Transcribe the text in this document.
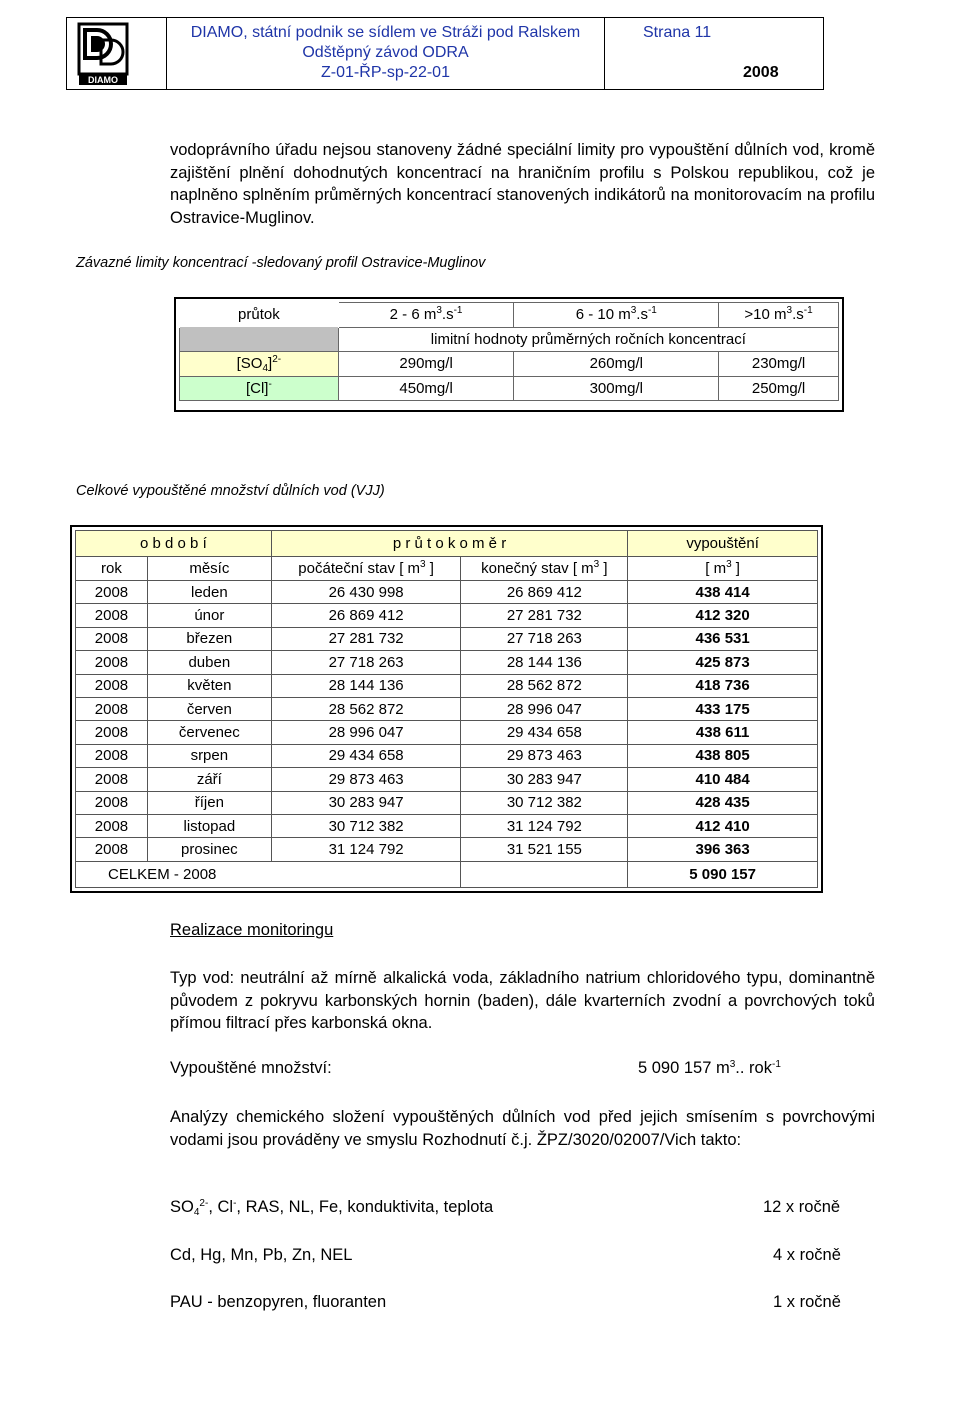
DIAMO
DIAMO, státní podnik se sídlem ve Stráži pod Ralskem
Odštěpný závod ODRA
Z-01-ŘP-sp-22-01
Strana 11
2008
vodoprávního úřadu nejsou stanoveny žádné speciální limity pro vypouštění důlních vod, kromě zajištění plnění dohodnutých koncentrací na hraničním profilu s Polskou republikou, což je naplněno splněním průměrných koncentrací stanovených indikátorů na monitorovacím na profilu Ostravice-Muglinov.
Závazné limity koncentrací -sledovaný profil Ostravice-Muglinov
průtok	2 - 6 $m^3.s^{-1}$	6 - 10 $m^3.s^{-1}$	>10 $m^3.s^{-1}$
	limitní hodnoty průměrných ročních koncentrací		
$[SO_4]^{2-}$	290mg/l	260mg/l	230mg/l
[Cl]-	450mg/l	300mg/l	250mg/l
Celkové vypouštěné množství důlních vod (VJJ)
o b d o b í		p r ů t o k o m ě r		vypouštění
rok	měsíc	počáteční stav [ $m^3$ ]	konečný stav [ $m^3$ ]	[ $m^3$ ]
2008	leden	26 430 998	26 869 412	438 414
2008	únor	26 869 412	27 281 732	412 320
2008	březen	27 281 732	27 718 263	436 531
2008	duben	27 718 263	28 144 136	425 873
2008	květen	28 144 136	28 562 872	418 736
2008	červen	28 562 872	28 996 047	433 175
2008	červenec	28 996 047	29 434 658	438 611
2008	srpen	29 434 658	29 873 463	438 805
2008	září	29 873 463	30 283 947	410 484
2008	říjen	30 283 947	30 712 382	428 435
2008	listopad	30 712 382	31 124 792	412 410
2008	prosinec	31 124 792	31 521 155	396 363
CELKEM - 2008				5 090 157
Realizace monitoringu
Typ vod: neutrální až mírně alkalická voda, základního natrium chloridového typu, dominantně původem z pokryvu karbonských hornin (baden), dále kvarterních zvodní a povrchových toků přímou filtrací přes karbonská okna.
Vypouštěné množství:	5 090 157 $m^3$.. rok$^{-1}$
Analýzy chemického složení vypouštěných důlních vod před jejich smísením s povrchovými vodami jsou prováděny ve smyslu Rozhodnutí č.j. ŽPZ/3020/02007/Vich takto:
$SO_4^{2-}$, Cl-, RAS, NL, Fe, konduktivita, teplota	12 x ročně
Cd, Hg, Mn, Pb, Zn, NEL	4 x ročně
PAU - benzopyren, fluoranten	1 x ročně
